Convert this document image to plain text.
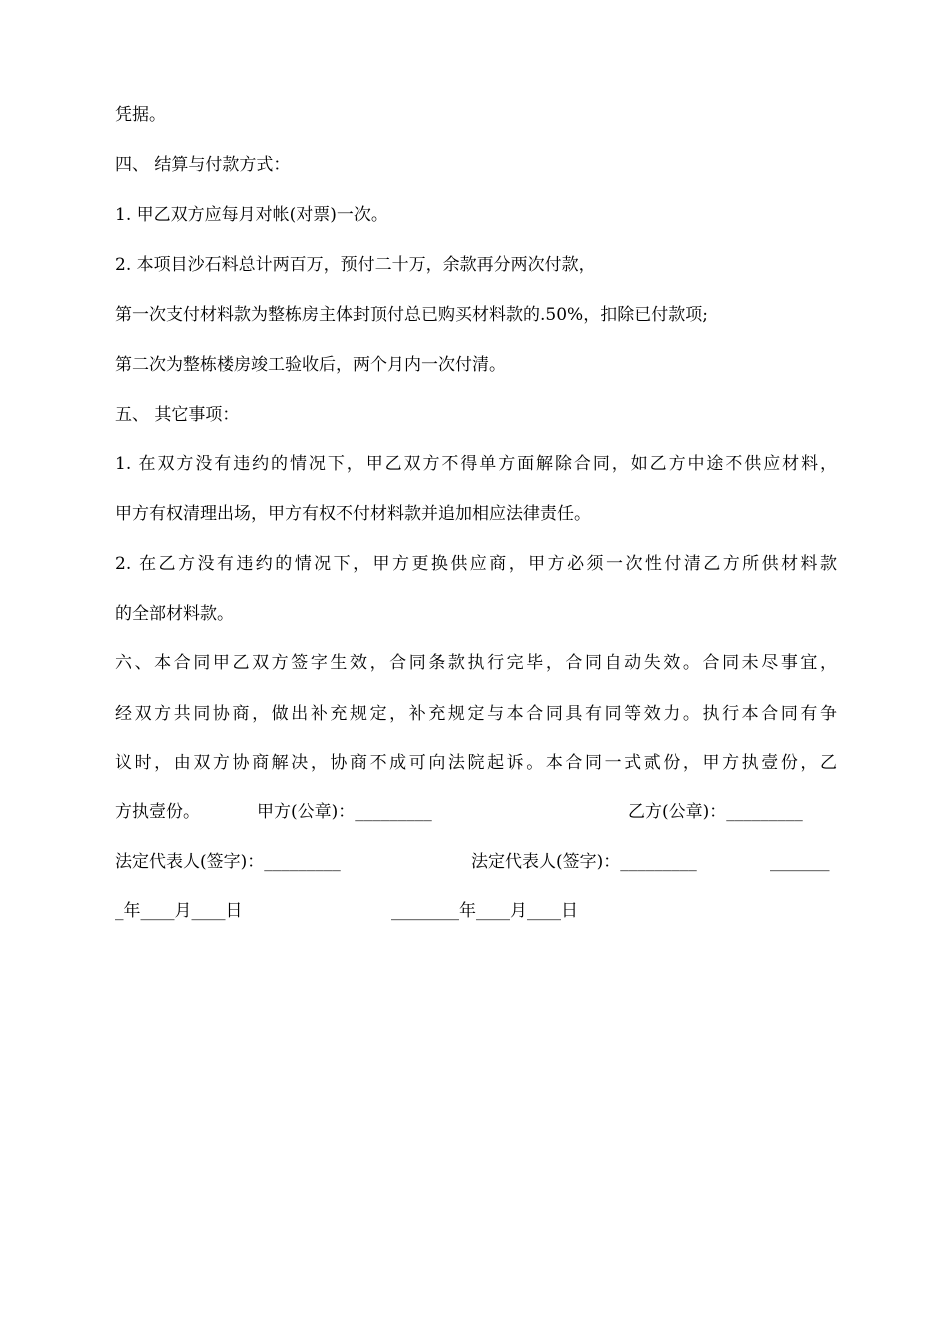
凭据。
四、 结算与付款方式：
1. 甲乙双方应每月对帐(对票)一次。
2. 本项目沙石料总计两百万，预付二十万，余款再分两次付款，
第一次支付材料款为整栋房主体封顶付总已购买材料款的.50%，扣除已付款项;
第二次为整栋楼房竣工验收后，两个月内一次付清。
五、 其它事项：
1. 在双方没有违约的情况下，甲乙双方不得单方面解除合同，如乙方中途不供应材料，
甲方有权清理出场，甲方有权不付材料款并追加相应法律责任。
2. 在乙方没有违约的情况下，甲方更换供应商，甲方必须一次性付清乙方所供材料款
的全部材料款。
六、本合同甲乙双方签字生效，合同条款执行完毕，合同自动失效。合同未尽事宜，
经双方共同协商，做出补充规定，补充规定与本合同具有同等效力。执行本合同有争
议时，由双方协商解决，协商不成可向法院起诉。本合同一式贰份，甲方执壹份，乙
方执壹份。	甲方(公章)：_________	乙方(公章)：_________
法定代表人(签字)：_________	法定代表人(签字)：_________	_______
_年____月____日	________年____月____日
